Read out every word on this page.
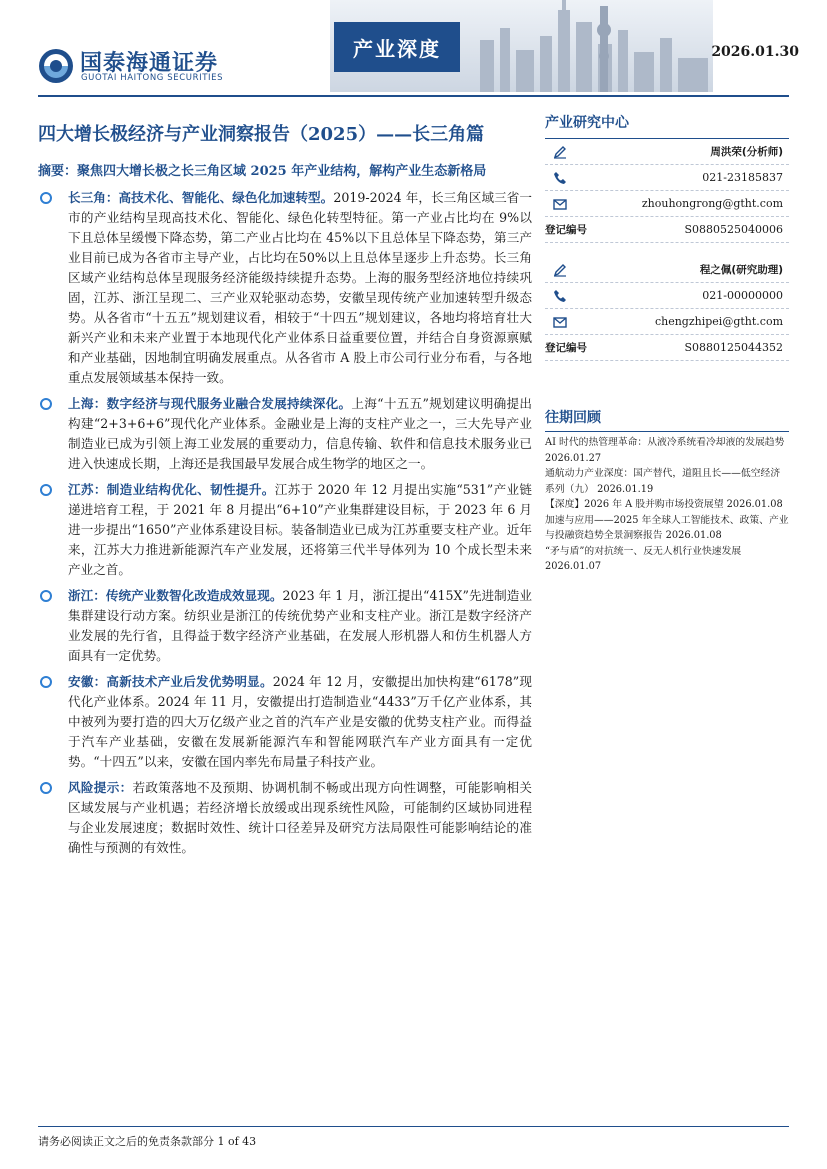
国泰海通证券
GUOTAI HAITONG SECURITIES
产业深度	2026.01.30
四大增长极经济与产业洞察报告（2025）——长三角篇
摘要：聚焦四大增长极之长三角区域 2025 年产业结构，解构产业生态新格局
长三角：高技术化、智能化、绿色化加速转型。2019-2024 年，长三角区域三省一市的产业结构呈现高技术化、智能化、绿色化转型特征。第一产业占比均在 9%以下且总体呈缓慢下降态势，第二产业占比均在 45%以下且总体呈下降态势，第三产业目前已成为各省市主导产业，占比均在50%以上且总体呈逐步上升态势。长三角区域产业结构总体呈现服务经济能级持续提升态势。上海的服务型经济地位持续巩固，江苏、浙江呈现二、三产业双轮驱动态势，安徽呈现传统产业加速转型升级态势。从各省市“十五五”规划建议看，相较于“十四五”规划建议，各地均将培育壮大新兴产业和未来产业置于本地现代化产业体系日益重要位置，并结合自身资源禀赋和产业基础，因地制宜明确发展重点。从各省市 A 股上市公司行业分布看，与各地重点发展领域基本保持一致。
上海：数字经济与现代服务业融合发展持续深化。上海“十五五”规划建议明确提出构建“2+3+6+6”现代化产业体系。金融业是上海的支柱产业之一，三大先导产业制造业已成为引领上海工业发展的重要动力，信息传输、软件和信息技术服务业已进入快速成长期，上海还是我国最早发展合成生物学的地区之一。
江苏：制造业结构优化、韧性提升。江苏于 2020 年 12 月提出实施“531”产业链递进培育工程，于 2021 年 8 月提出“6+10”产业集群建设目标，于 2023 年 6 月进一步提出“1650”产业体系建设目标。装备制造业已成为江苏重要支柱产业。近年来，江苏大力推进新能源汽车产业发展，还将第三代半导体列为 10 个成长型未来产业之首。
浙江：传统产业数智化改造成效显现。2023 年 1 月，浙江提出“415X”先进制造业集群建设行动方案。纺织业是浙江的传统优势产业和支柱产业。浙江是数字经济产业发展的先行省，且得益于数字经济产业基础，在发展人形机器人和仿生机器人方面具有一定优势。
安徽：高新技术产业后发优势明显。2024 年 12 月，安徽提出加快构建“6178”现代化产业体系。2024 年 11 月，安徽提出打造制造业“4433”万千亿产业体系，其中被列为要打造的四大万亿级产业之首的汽车产业是安徽的优势支柱产业。而得益于汽车产业基础，安徽在发展新能源汽车和智能网联汽车产业方面具有一定优势。“十四五”以来，安徽在国内率先布局量子科技产业。
风险提示：若政策落地不及预期、协调机制不畅或出现方向性调整，可能影响相关区域发展与产业机遇；若经济增长放缓或出现系统性风险，可能制约区域协同进程与企业发展速度；数据时效性、统计口径差异及研究方法局限性可能影响结论的准确性与预测的有效性。
产业研究中心
周洪荣(分析师)
021-23185837
zhouhongrong@gtht.com
登记编号	S0880525040006
程之佩(研究助理)
021-00000000
chengzhipei@gtht.com
登记编号	S0880125044352
往期回顾
AI 时代的热管理革命：从液冷系统看冷却液的发展趋势 2026.01.27
通航动力产业深度：国产替代，道阻且长——低空经济系列（九） 2026.01.19
【深度】2026 年 A 股并购市场投资展望 2026.01.08
加速与应用——2025 年全球人工智能技术、政策、产业与投融资趋势全景洞察报告 2026.01.08
“矛与盾”的对抗统一、反无人机行业快速发展 2026.01.07
请务必阅读正文之后的免责条款部分 1 of 43
